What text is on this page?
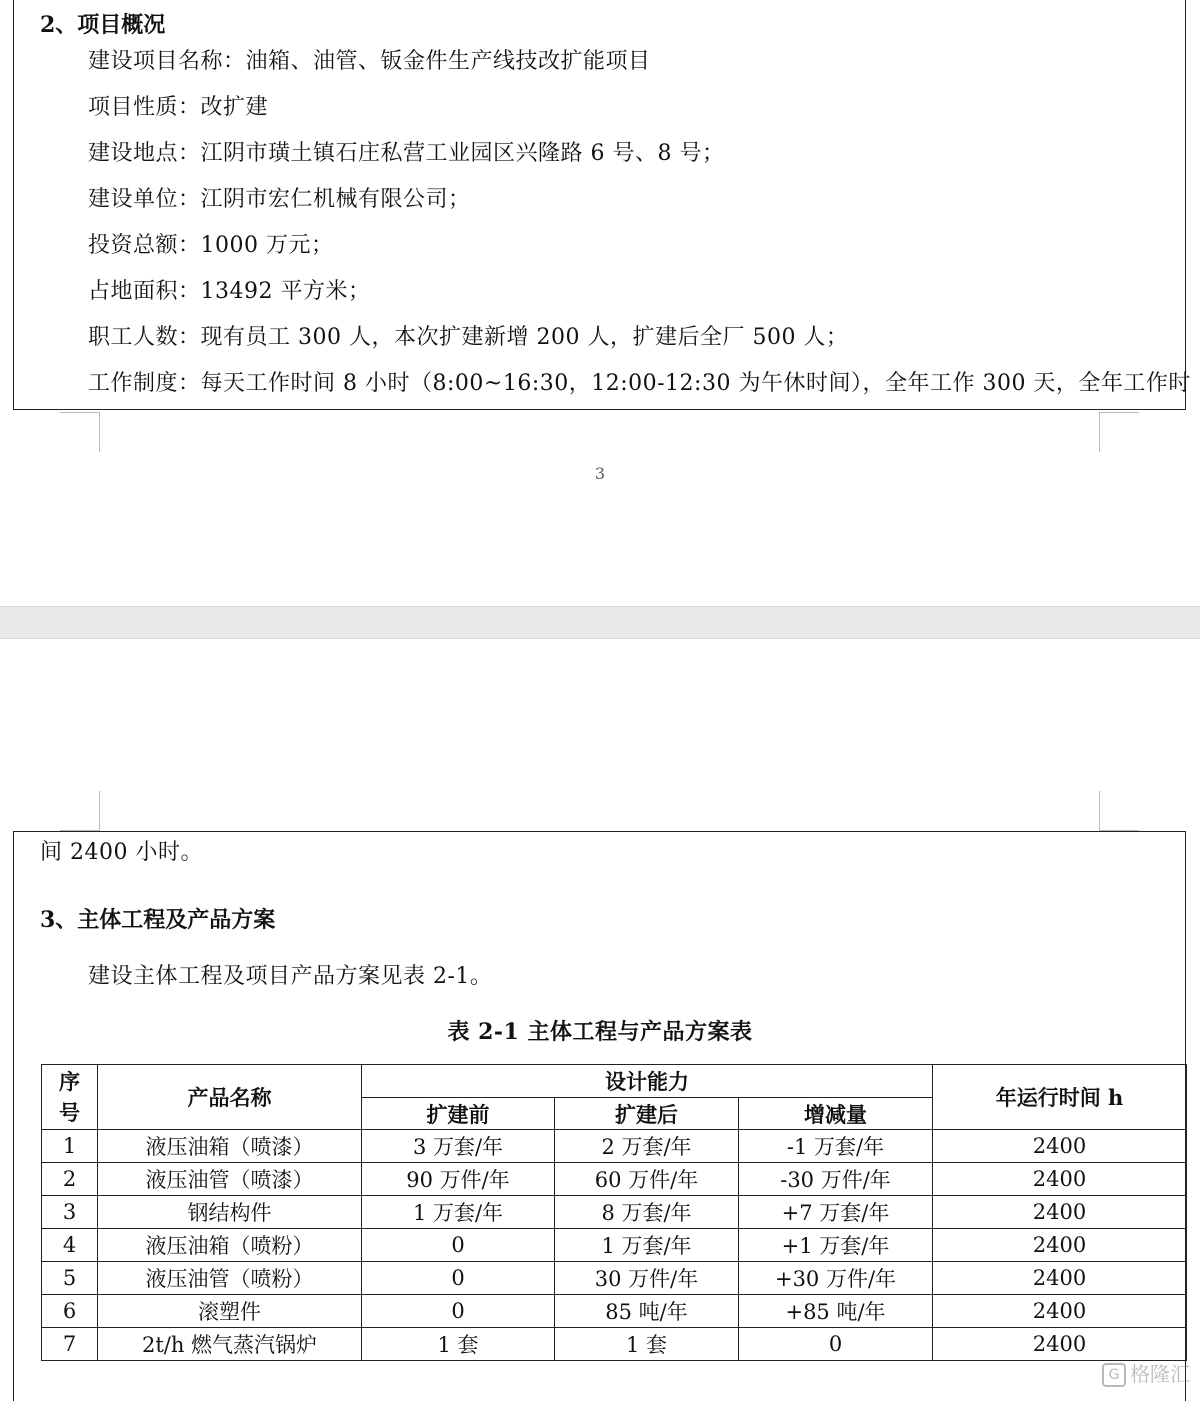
2、项目概况
建设项目名称：油箱、油管、钣金件生产线技改扩能项目
项目性质：改扩建
建设地点：江阴市璜土镇石庄私营工业园区兴隆路 6 号、8 号；
建设单位：江阴市宏仁机械有限公司；
投资总额：1000 万元；
占地面积：13492 平方米；
职工人数：现有员工 300 人，本次扩建新增 200 人，扩建后全厂 500 人；
工作制度：每天工作时间 8 小时（8:00~16:30，12:00-12:30 为午休时间），全年工作 300 天，全年工作时
3
间 2400 小时。
3、主体工程及产品方案
建设主体工程及项目产品方案见表 2-1。
表 2-1 主体工程与产品方案表
序号	产品名称	设计能力			年运行时间 h
		扩建前	扩建后	增减量	
1	液压油箱（喷漆）	3 万套/年	2 万套/年	-1 万套/年	2400
2	液压油管（喷漆）	90 万件/年	60 万件/年	-30 万件/年	2400
3	钢结构件	1 万套/年	8 万套/年	+7 万套/年	2400
4	液压油箱（喷粉）	0	1 万套/年	+1 万套/年	2400
5	液压油管（喷粉）	0	30 万件/年	+30 万件/年	2400
6	滚塑件	0	85 吨/年	+85 吨/年	2400
7	2t/h 燃气蒸汽锅炉	1 套	1 套	0	2400
G 格隆汇
